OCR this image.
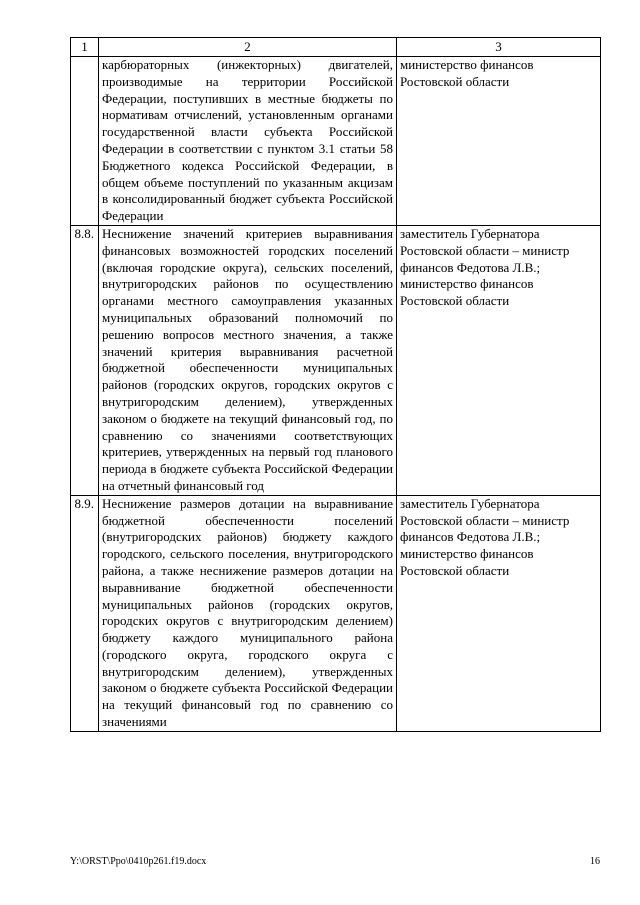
1	2	3
	карбюраторных (инжекторных) двигателей, производимые на территории Российской Федерации, поступивших в местные бюджеты по нормативам отчислений, установленным органами государственной власти субъекта Российской Федерации в соответствии с пунктом 3.1 статьи 58 Бюджетного кодекса Российской Федерации, в общем объеме поступлений по указанным акцизам в консолидированный бюджет субъекта Российской Федерации	министерство финансов Ростовской области
8.8.	Неснижение значений критериев выравнивания финансовых возможностей городских поселений (включая городские округа), сельских поселений, внутригородских районов по осуществлению органами местного самоуправления указанных муниципальных образований полномочий по решению вопросов местного значения, а также значений критерия выравнивания расчетной бюджетной обеспеченности муниципальных районов (городских округов, городских округов с внутригородским делением), утвержденных законом о бюджете на текущий финансовый год, по сравнению со значениями соответствующих критериев, утвержденных на первый год планового периода в бюджете субъекта Российской Федерации на отчетный финансовый год	заместитель Губернатора Ростовской области – министр финансов Федотова Л.В.; министерство финансов Ростовской области
8.9.	Неснижение размеров дотации на выравнивание бюджетной обеспеченности поселений (внутригородских районов) бюджету каждого городского, сельского поселения, внутригородского района, а также неснижение размеров дотации на выравнивание бюджетной обеспеченности муниципальных районов (городских округов, городских округов с внутригородским делением) бюджету каждого муниципального района (городского округа, городского округа с внутригородским делением), утвержденных законом о бюджете субъекта Российской Федерации на текущий финансовый год по сравнению со значениями	заместитель Губернатора Ростовской области – министр финансов Федотова Л.В.; министерство финансов Ростовской области
Y:\ORST\Ppo\0410p261.f19.docx	16
